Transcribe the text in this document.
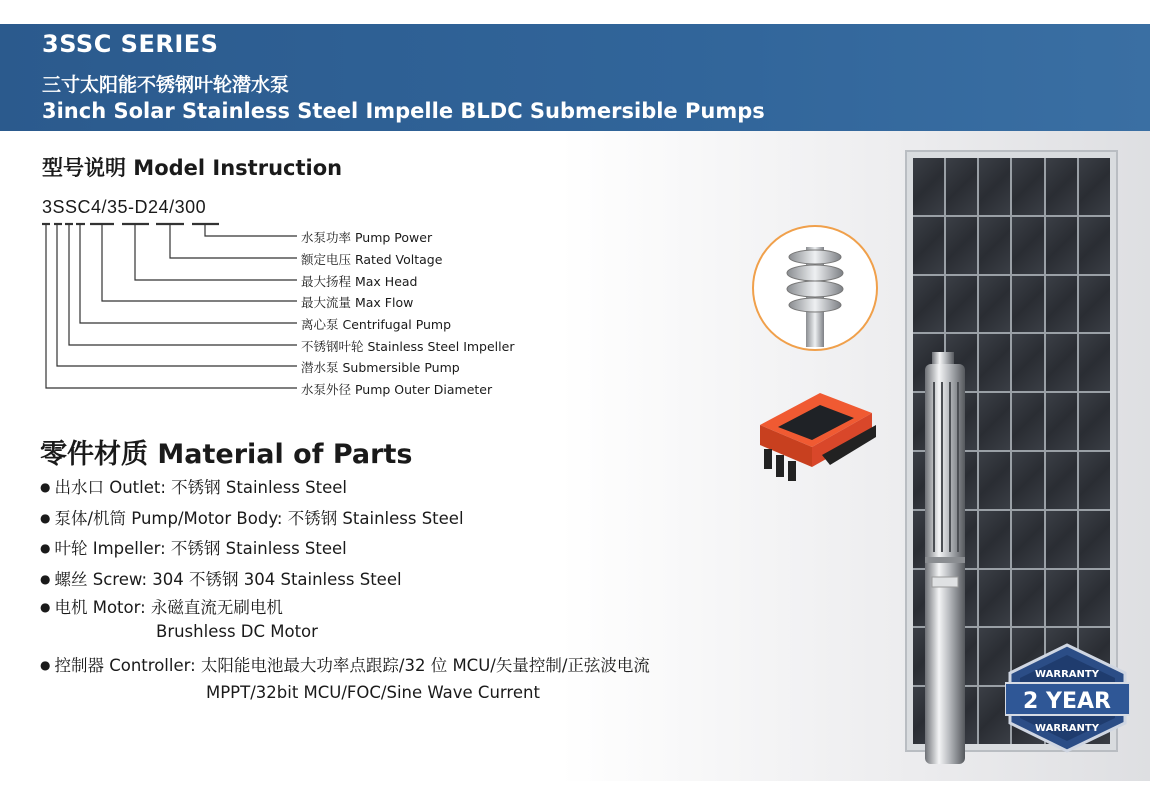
3SSC SERIES
三寸太阳能不锈钢叶轮潜水泵
3inch Solar Stainless Steel Impelle BLDC Submersible Pumps
型号说明 Model Instruction
3SSC4/35-D24/300
水泵功率 Pump Power
额定电压 Rated Voltage
最大扬程 Max Head
最大流量 Max Flow
离心泵 Centrifugal Pump
不锈钢叶轮 Stainless Steel Impeller
潜水泵 Submersible Pump
水泵外径 Pump Outer Diameter
零件材质 Material of Parts
● 出水口 Outlet: 不锈钢 Stainless Steel
● 泵体/机筒 Pump/Motor Body: 不锈钢 Stainless Steel
● 叶轮 Impeller: 不锈钢 Stainless Steel
● 螺丝 Screw: 304 不锈钢 304 Stainless Steel
● 电机 Motor: 永磁直流无刷电机
Brushless DC Motor
● 控制器 Controller: 太阳能电池最大功率点跟踪/32 位 MCU/矢量控制/正弦波电流
MPPT/32bit MCU/FOC/Sine Wave Current
WARRANTY
2 YEAR
WARRANTY
